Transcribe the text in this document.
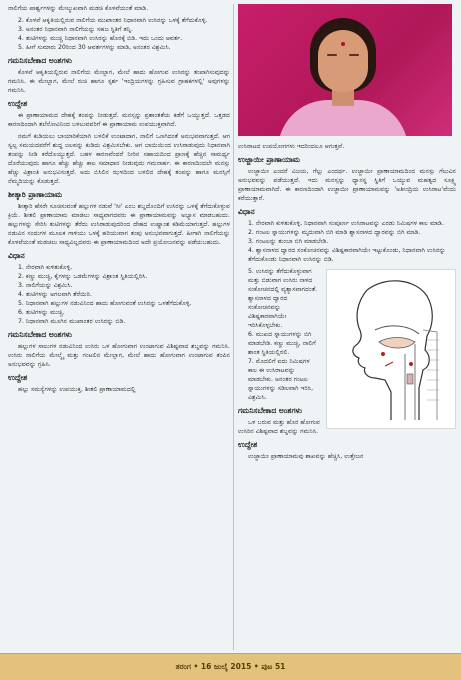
ನಾಲಿಗೆಯ ಪಾರ್ಶ್ವಗಳನ್ನು ಮೇಲ್ಮುಖವಾಗಿ ಮಡಚಿ ಕೊಳವೆಯಂತೆ ಮಾಡಿ.

2. ಕೊಳವೆ ಆಕೃತಿಯಲ್ಲಿರುವ ನಾಲಿಗೆಯ ಮುಖಾಂತರ ನಿಧಾನವಾಗಿ ಉಸಿರನ್ನು ಒಳಕ್ಕೆ ತೆಗೆದುಕೊಳ್ಳಿ.
3. ಅನಂತರ ನಿಧಾನವಾಗಿ ನಾಲಿಗೆಯನ್ನು ಸಹಜ ಸ್ಥಿತಿಗೆ ತನ್ನಿ.
4. ತುಟಿಗಳನ್ನು ಮುಚ್ಚಿ ನಿಧಾನವಾಗಿ ಉಸಿರನ್ನು ಹೊರಕ್ಕೆ ಬಿಡಿ. ಇದು ಒಂದು ಆವರ್ತ.
5. ಹೀಗೆ ಸುಮಾರು 20ರಿಂದ 30 ಆವರ್ತಗಳನ್ನು ಮಾಡಿ, ಅನಂತರ ವಿಶ್ರಮಿಸಿ.
ಗಮನಿಸಬೇಕಾದ ಅಂಶಗಳು

ಕೊಳವೆ ಆಕೃತಿಯಲ್ಲಿರುವ ನಾಲಿಗೆಯ ಮೇಲ್ಭಾಗ, ಮೇಲೆ ಹಾದು ಹೋಗುವ ಉಸಿರನ್ನು ತಂಪಾಗಿಸುವುದನ್ನು ಗಮನಿಸಿ. ಈ ಮೇಲ್ಭಾಗ, ಮೇಲೆ ರುಚಿ ಹಾಗೂ ಸ್ಪರ್ಶ 'ಇಂದ್ರಿಯಗಳನ್ನು ಗ್ರಹಿಸುವ ಗ್ರಾಹಕಗಳಲ್ಲಿ' ಅವುಗಳನ್ನು ಗಮನಿಸಿ.

ಉದ್ದೇಶ

ಈ ಪ್ರಾಣಾಯಾಮದ ದೇಹಕ್ಕೆ ತಂಪನ್ನು ನೀಡುತ್ತದೆ. ಮನಸ್ಸನ್ನು ಪ್ರಶಾಂತತೆಯ ಕಡೆಗೆ ಒಯ್ಯುತ್ತದೆ. ಒತ್ತಡದ ಕಾರಣದಿಂದಾಗಿ ತಲೆನೋವಿನಿಂದ ಬಳಲುವವರಿಗೆ ಈ ಪ್ರಾಣಾಯಾಮ ಉಪಯುಕ್ತವಾಗಿದೆ.

ನಮಗೆ ಕುಡಿಯಲು ಬಾಯಾರಿಕೆಯಾಗಿ ಬಳಲಿಕೆ ಉಂಟಾದಾಗ, ನಾಲಿಗೆ ಒಣಗಿದಂತೆ ಅನುಭವವಾಗುತ್ತದೆ. ಆಗ ಸ್ವಲ್ಪ ಸಮಯದವರೆಗೆ ಶುದ್ಧ ಜಲವನ್ನು ಕುಡಿದು ವಿಶ್ರಮಿಸಬೇಕು. ಆಗ ಬಾಯಿಯಿಂದ ಉಸಿರಾಡುವುದು ನಿಧಾನವಾಗಿ ತಂಪನ್ನು ನೀಡಿ ಕರೆದೊಯ್ಯುತ್ತದೆ. ಬಹಳ ಕಾರಣವೆಂದರೆ ನೀರಿನ ಸಹಾಯದಿಂದ ಪ್ರಾಣಕ್ಕೆ ಹೆಚ್ಚಿನ ಸಾಮರ್ಥ್ಯ ದೊರೆಯುವುದು ಹಾಗೂ ಹೆಚ್ಚು ಹೆಚ್ಚು ಕಾಲ ಸಮಾಧಾನ ನೀಡುವುದು ಗಮನಾರ್ಹ. ಈ ಕಾರಣದಿಂದಲೇ ಮನಸ್ಸು ಹೆಚ್ಚು ವಿಶ್ರಾಂತಿ ಅನುಭವಿಸುತ್ತದೆ. ಅದು ಬಿಸಿಲಿನ ಝಳದಿಂದ ಬಳಲಿದ ದೇಹಕ್ಕೆ ತಂಪನ್ನು ಹಾಗೂ ಮನಸ್ಸಿಗೆ ನೆಮ್ಮದಿಯನ್ನು ಕೊಡುತ್ತದೆ.

ಶೀತ್ಕಾರಿ ಪ್ರಾಣಾಯಾಮ

ಶೀತ್ಕಾರಿ ಹೆಸರೇ ಸೂಚಿಸುವಂತೆ ಹಲ್ಲುಗಳ ನಡುವೆ 'ಸೀ' ಎಂಬ ಶಬ್ದದೊಂದಿಗೆ ಉಸಿರನ್ನು ಒಳಕ್ಕೆ ತೆಗೆದುಕೊಳ್ಳುವ ಕ್ರಿಯೆ. ಶೀತಲಿ ಪ್ರಾಣಾಯಾಮ ಮಾಡಲು ಸಾಧ್ಯವಾಗದವರು ಈ ಪ್ರಾಣಾಯಾಮವನ್ನು ಅಭ್ಯಾಸ ಮಾಡಬಹುದು. ಹಲ್ಲುಗಳನ್ನು ಸೇರಿಸಿ ತುಟಿಗಳನ್ನು ತೆರೆದು ಉಸಿರಾಡುವುದರಿಂದ ದೇಹದ ಉಷ್ಣಾಂಶ ಕಡಿಮೆಯಾಗುತ್ತದೆ. ಹಲ್ಲುಗಳ ನಡುವಿನ ಸಂದುಗಳ ಮೂಲಕ ಗಾಳಿಯು ಒಳಕ್ಕೆ ಹರಿಯುವಾಗ ತಂಪು ಅನುಭವವಾಗುತ್ತದೆ. ಹೀಗಾಗಿ ನಾಲಿಗೆಯನ್ನು ಕೊಳವೆಯಂತೆ ಮಡಚಲು ಸಾಧ್ಯವಿಲ್ಲದವರು ಈ ಪ್ರಾಣಾಯಾಮದಿಂದ ಅದೇ ಪ್ರಯೋಜನವನ್ನು ಪಡೆಯಬಹುದು.

ವಿಧಾನ
1. ನೇರವಾಗಿ ಕುಳಿತುಕೊಳ್ಳಿ.
2. ಕಣ್ಣು ಮುಚ್ಚಿ, ಕೈಗಳನ್ನು ಒಡಮೆಗಳನ್ನು ವಿಶ್ರಾಂತ ಸ್ಥಿತಿಯಲ್ಲಿರಿಸಿ.
3. ನಾಲಿಗೆಯನ್ನು ವಿಶ್ರಮಿಸಿ.
4. ತುಟಿಗಳನ್ನು ಅಗಲವಾಗಿ ತೆರೆಯಿರಿ.
5. ನಿಧಾನವಾಗಿ ಹಲ್ಲುಗಳ ನಡುವಿನಿಂದ ಹಾದು ಹೋಗುವಂತೆ ಉಸಿರನ್ನು ಒಳತೆಗೆದುಕೊಳ್ಳಿ.
6. ತುಟಿಗಳನ್ನು ಮುಚ್ಚಿ.
7. ನಿಧಾನವಾಗಿ ಮೂಗಿನ ಮುಖಾಂತರ ಉಸಿರನ್ನು ಬಿಡಿ.
ಗಮನಿಸಬೇಕಾದ ಅಂಶಗಳು

ಹಲ್ಲುಗಳ ಸಾಲುಗಳ ನಡುವಿನಿಂದ ಉಸಿರು ಒಳ ಹೋಗುವಾಗ ಉಂಟಾಗುವ ವಿಶಿಷ್ಟವಾದ ಶಬ್ದವನ್ನು ಗಮನಿಸಿ. ಉಸಿರು ನಾಲಿಗೆಯ ಮೇಲ್ಮೈ ಮತ್ತು ಗಂಟಲಿನ ಮೇಲ್ಭಾಗ, ಮೇಲೆ ಹಾದು ಹೋಗುವಾಗ ಉಂಟಾಗುವ ತಂಪಿನ ಅನುಭವವನ್ನು ಗ್ರಹಿಸಿ.

ಉದ್ದೇಶ

ಹಲ್ಲು ಸಮಸ್ಯೆಗಳನ್ನು ಉಪಯುಕ್ತ, ಶೀತಲಿ ಪ್ರಾಣಾಯಾಮದಲ್ಲಿ

ಉಸಿರಾಟದ ಉಪಯೋಗಗಳು ಇದರಿಂದಲೂ ಆಗುತ್ತವೆ.

ಉಜ್ಜಾಯೀ ಪ್ರಾಣಾಯಾಮ

ಉಜ್ಜಾಯೀ ಎಂದರೆ ವಿಜಯ, ಗೆಲ್ಲು ಎಂದರ್ಥ. ಉಜ್ಜಾಯೀ ಪ್ರಾಣಾಯಾಮದಿಂದ ಮನಸ್ಸು ಗೆಲುವಿನ ಅನುಭವವನ್ನು ಪಡೆಯುತ್ತದೆ. ಇದು ಮನಸ್ಸನ್ನು ಧ್ಯಾನಸ್ಥ ಸ್ಥಿತಿಗೆ ಒಯ್ಯುವ ಮಹತ್ವದ ಸೂಕ್ಷ್ಮ ಪ್ರಾಣಾಯಾಮವಾಗಿದೆ. ಈ ಕಾರಣದಿಂದಾಗಿ ಉಜ್ಜಾಯೀ ಪ್ರಾಣಾಯಾಮವನ್ನು 'ಅತೀಂದ್ರಿಯ ಉಸಿರಾಟ'ವೆಂದು ಕರೆಯುತ್ತಾರೆ.

ವಿಧಾನ
1. ನೇರವಾಗಿ ಕುಳಿತುಕೊಳ್ಳಿ. ನಿಧಾನವಾಗಿ ಸಂಪೂರ್ಣ ಉಸಿರಾಟವನ್ನು ಎರಡು ನಿಮಿಷಗಳ ಕಾಲ ಮಾಡಿ.
2. ಗಂಟಲ ಸ್ನಾಯುಗಳನ್ನು ಮೃದುವಾಗಿ ಬಿಗಿ ಮಾಡಿ ಶ್ವಾಸನಾಳದ ದ್ವಾರವನ್ನು ಬಿಗಿ ಮಾಡಿ.
3. ಗಂಟಲನ್ನು ತುಂಬಾ ಬಿಗಿ ಮಾಡಬೇಡಿ.
4. ಶ್ವಾಸನಾಳದ ದ್ವಾರದ ಸಂಕೋಚನವನ್ನು ವಿಶಿಷ್ಟಕಾರವಾಗಿಯೇ ಇಟ್ಟುಕೊಂಡು, ನಿಧಾನವಾಗಿ ಉಸಿರನ್ನು ತೆಗೆದುಕೊಂಡು ನಿಧಾನವಾಗಿ ಉಸಿರನ್ನು ಬಿಡಿ.
5. ಉಸಿರನ್ನು ತೆಗೆದುಕೊಳ್ಳುವಾಗ ಮತ್ತು ಬಿಡುವಾಗ ಉಸಿರು ನಾಳದ ಸಂಕೋಚನದಲ್ಲಿ ವ್ಯತ್ಯಾಸವಾಗದಂತೆ. ಶ್ವಾಸನಾಳದ ದ್ವಾರದ ಸಂಕೋಚನವನ್ನು ವಿಶಿಷ್ಟಕಾರವಾಗಿಯೇ ಇರಿಸಿಕೊಳ್ಳಬೇಕು.
6. ಮುಖದ ಸ್ನಾಯುಗಳನ್ನು ಬಿಗಿ ಮಾಡಬೇಡಿ. ಕಣ್ಣು ಮುಚ್ಚಿ, ನಾಲಿಗೆ ಶಾಂತ ಸ್ಥಿತಿಯಲ್ಲಿರಲಿ.
7. ಮೊದಲಿಗೆ ಐದು ನಿಮಿಷಗಳ ಕಾಲ ಈ ಉಸಿರಾಟವನ್ನು ಮಾಡಬೇಕು. ಅನಂತರ ಗಂಟಲ ಸ್ನಾಯುಗಳನ್ನು ಸಡಿಲವಾಗಿ ಇರಿಸಿ, ವಿಶ್ರಮಿಸಿ.
ಗಮನಿಸಬೇಕಾದ ಅಂಶಗಳು

ಒಳ ಬರುವ ಮತ್ತು ಹೊರ ಹೋಗುವ ಉಸಿರಿನ ವಿಶಿಷ್ಟವಾದ ಶಬ್ದವನ್ನು ಗಮನಿಸಿ.

ಉದ್ದೇಶ

ಉಜ್ಜಾಯೀ ಪ್ರಾಣಾಯಾಮವು ಶಾಖವನ್ನು ಹೆಚ್ಚಿಸಿ, ಉತ್ತೇಜನ

ತರಂಗ • 16 ಜುಲೈ 2015 • ಪುಟ 51
